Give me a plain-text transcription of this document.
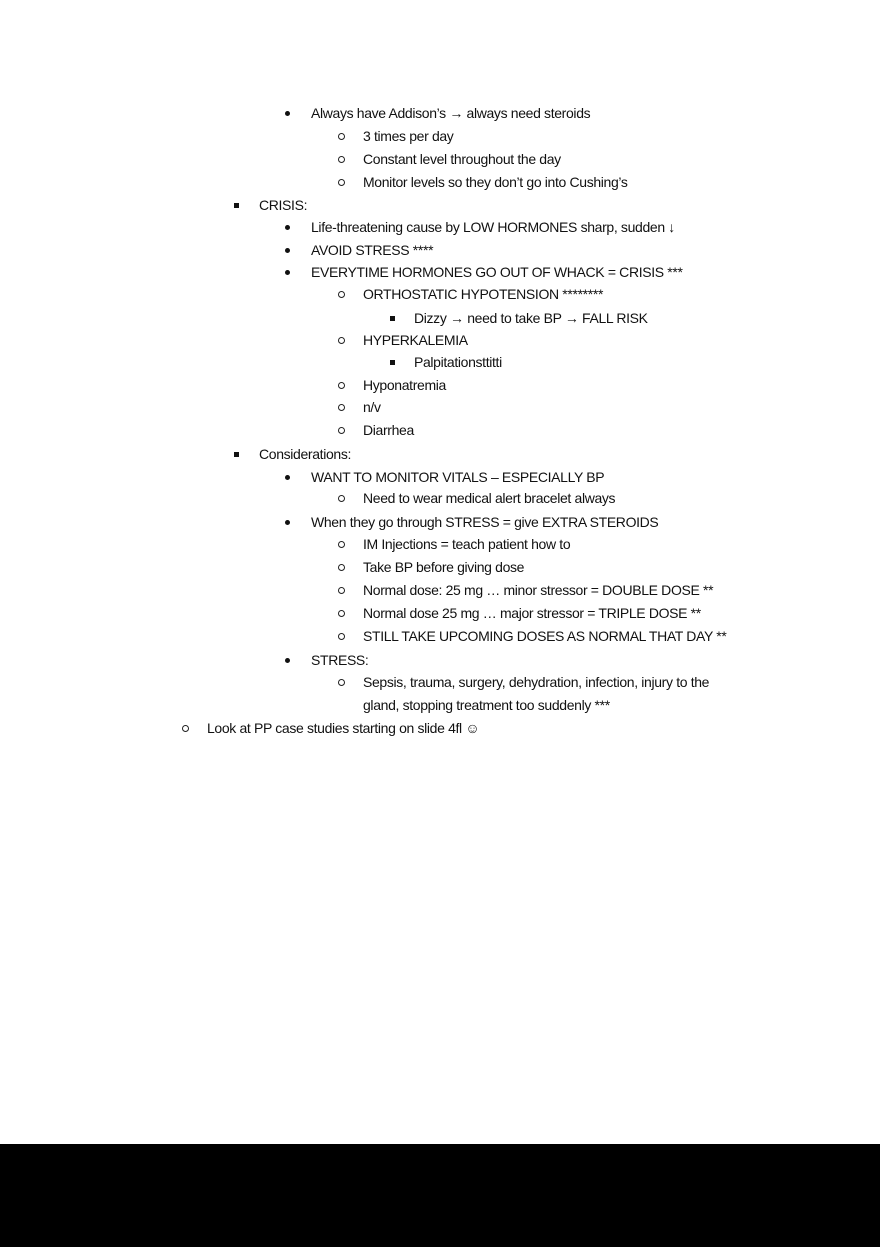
Always have Addison’s → always need steroids
3 times per day
Constant level throughout the day
Monitor levels so they don’t go into Cushing’s
CRISIS:
Life-threatening cause by LOW HORMONES sharp, sudden ↓
AVOID STRESS ****
EVERYTIME HORMONES GO OUT OF WHACK = CRISIS ***
ORTHOSTATIC HYPOTENSION ********
Dizzy → need to take BP → FALL RISK
HYPERKALEMIA
Palpitationsttitti
Hyponatremia
n/v
Diarrhea
Considerations:
WANT TO MONITOR VITALS – ESPECIALLY BP
Need to wear medical alert bracelet always
When they go through STRESS = give EXTRA STEROIDS
IM Injections = teach patient how to
Take BP before giving dose
Normal dose: 25 mg … minor stressor = DOUBLE DOSE **
Normal dose 25 mg … major stressor = TRIPLE DOSE **
STILL TAKE UPCOMING DOSES AS NORMAL THAT DAY **
STRESS:
Sepsis, trauma, surgery, dehydration, infection, injury to the
gland, stopping treatment too suddenly ***
Look at PP case studies starting on slide 4fl ☺
